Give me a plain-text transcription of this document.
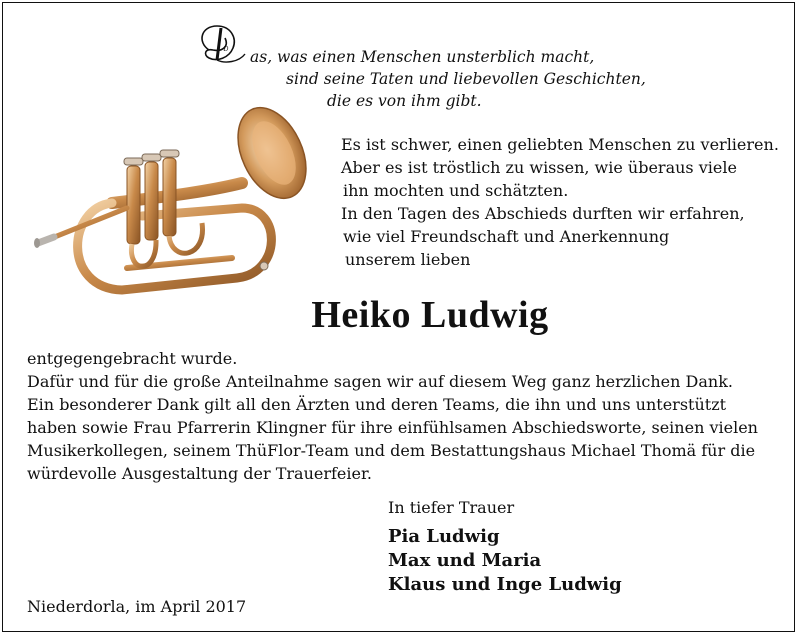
D as, was einen Menschen unsterblich macht,
sind seine Taten und liebevollen Geschichten,
die es von ihm gibt.
Es ist schwer, einen geliebten Menschen zu verlieren.
Aber es ist tröstlich zu wissen, wie überaus viele
ihn mochten und schätzten.
In den Tagen des Abschieds durften wir erfahren,
wie viel Freundschaft und Anerkennung
unserem lieben
Heiko Ludwig
entgegengebracht wurde.
Dafür und für die große Anteilnahme sagen wir auf diesem Weg ganz herzlichen Dank.
Ein besonderer Dank gilt all den Ärzten und deren Teams, die ihn und uns unterstützt
haben sowie Frau Pfarrerin Klingner für ihre einfühlsamen Abschiedsworte, seinen vielen
Musikerkollegen, seinem ThüFlor-Team und dem Bestattungshaus Michael Thomä für die
würdevolle Ausgestaltung der Trauerfeier.
In tiefer Trauer
Pia Ludwig
Max und Maria
Klaus und Inge Ludwig
Niederdorla, im April 2017
